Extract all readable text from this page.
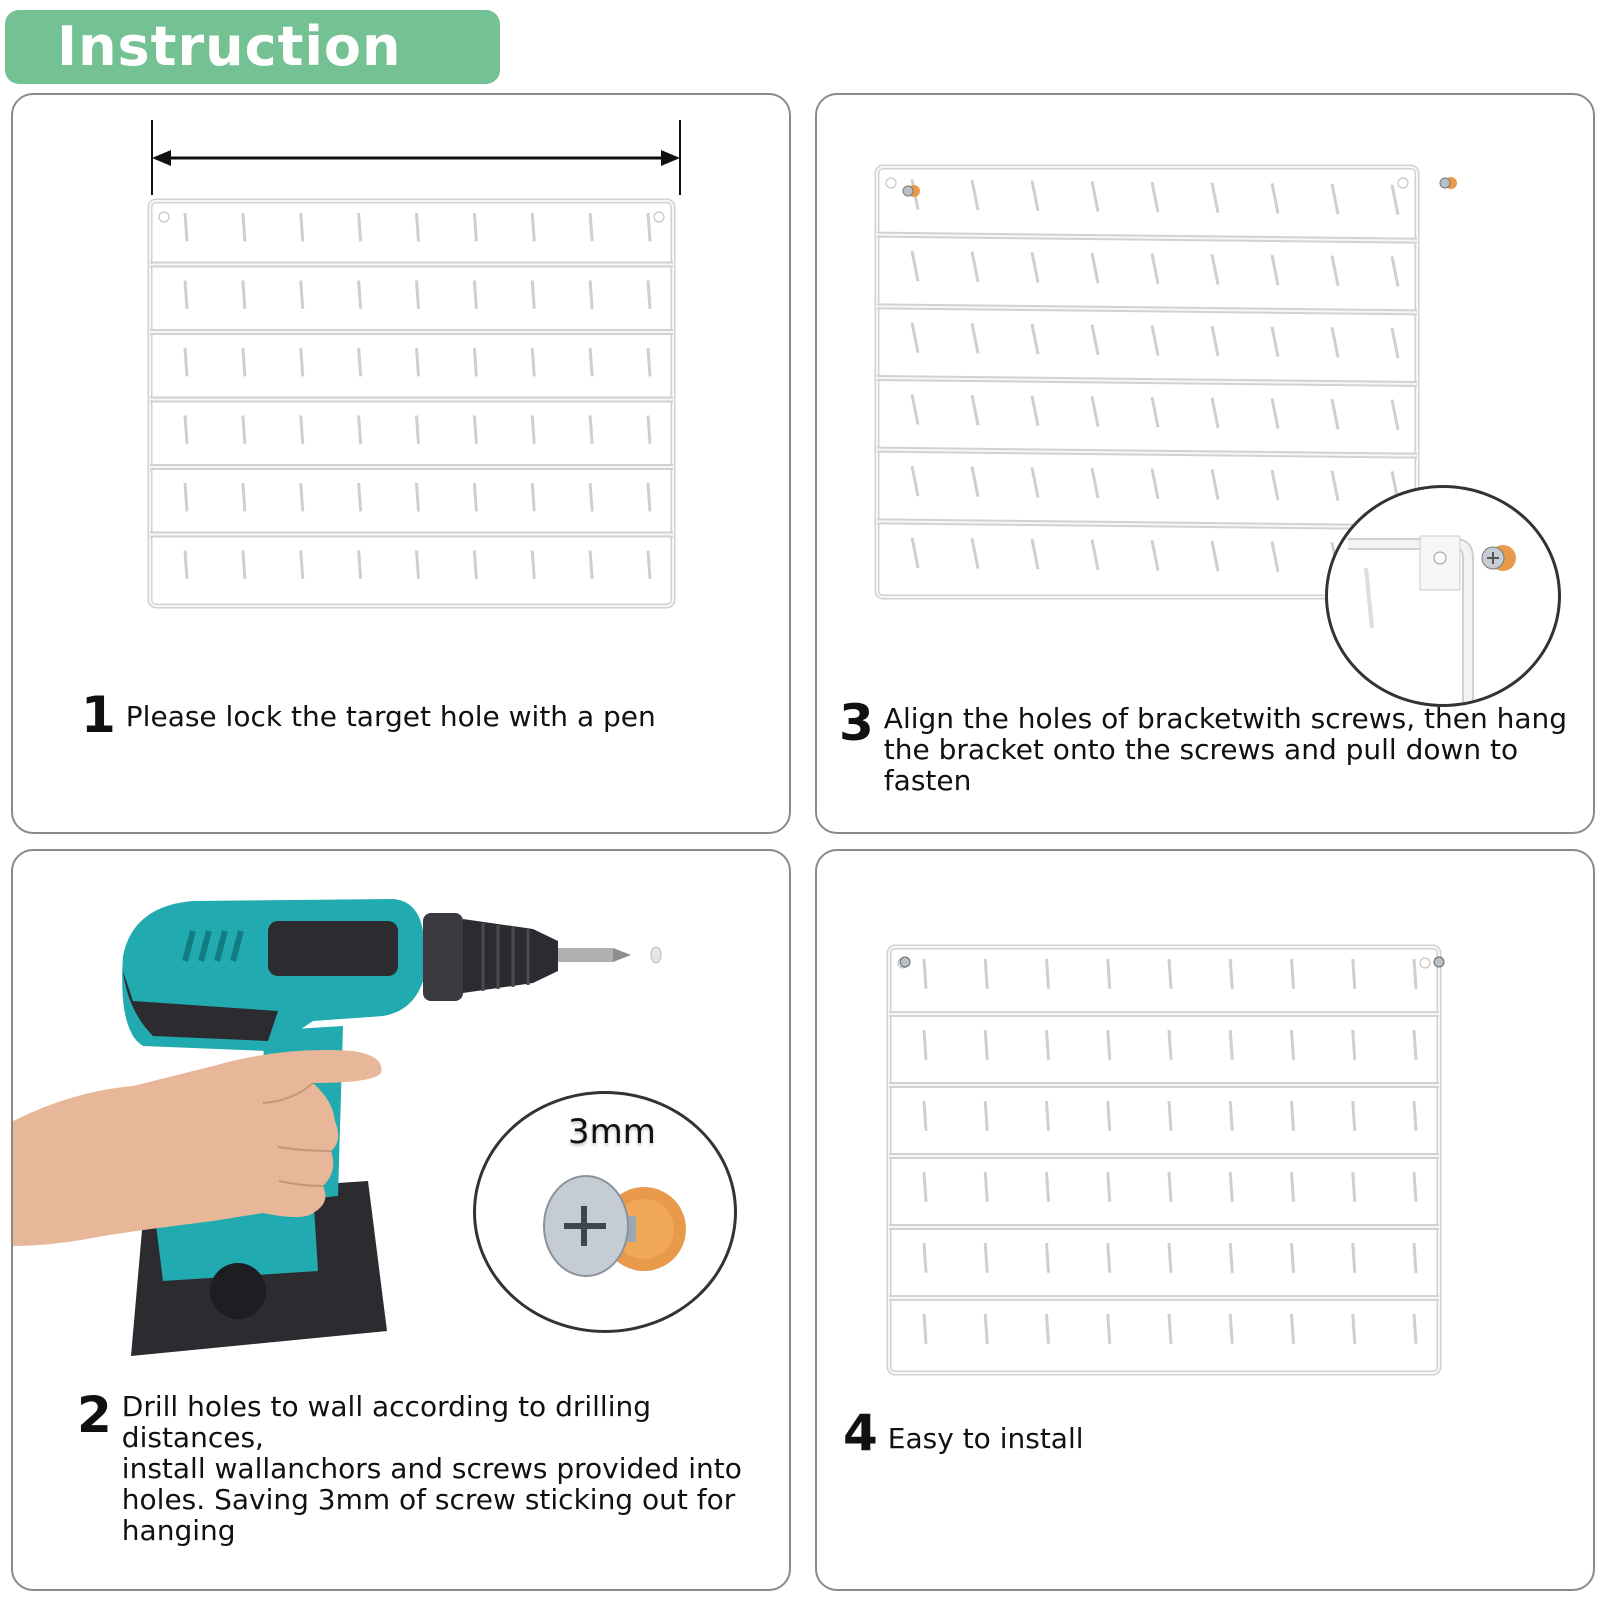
Instruction
1 Please lock the target hole with a pen	3 Align the holes of bracketwith screws, then hang
the bracket onto the screws and pull down to fasten
3mm
2 Drill holes to wall according to drilling distances,
install wallanchors and screws provided into
holes. Saving 3mm of screw sticking out for
hanging
4 Easy to install
